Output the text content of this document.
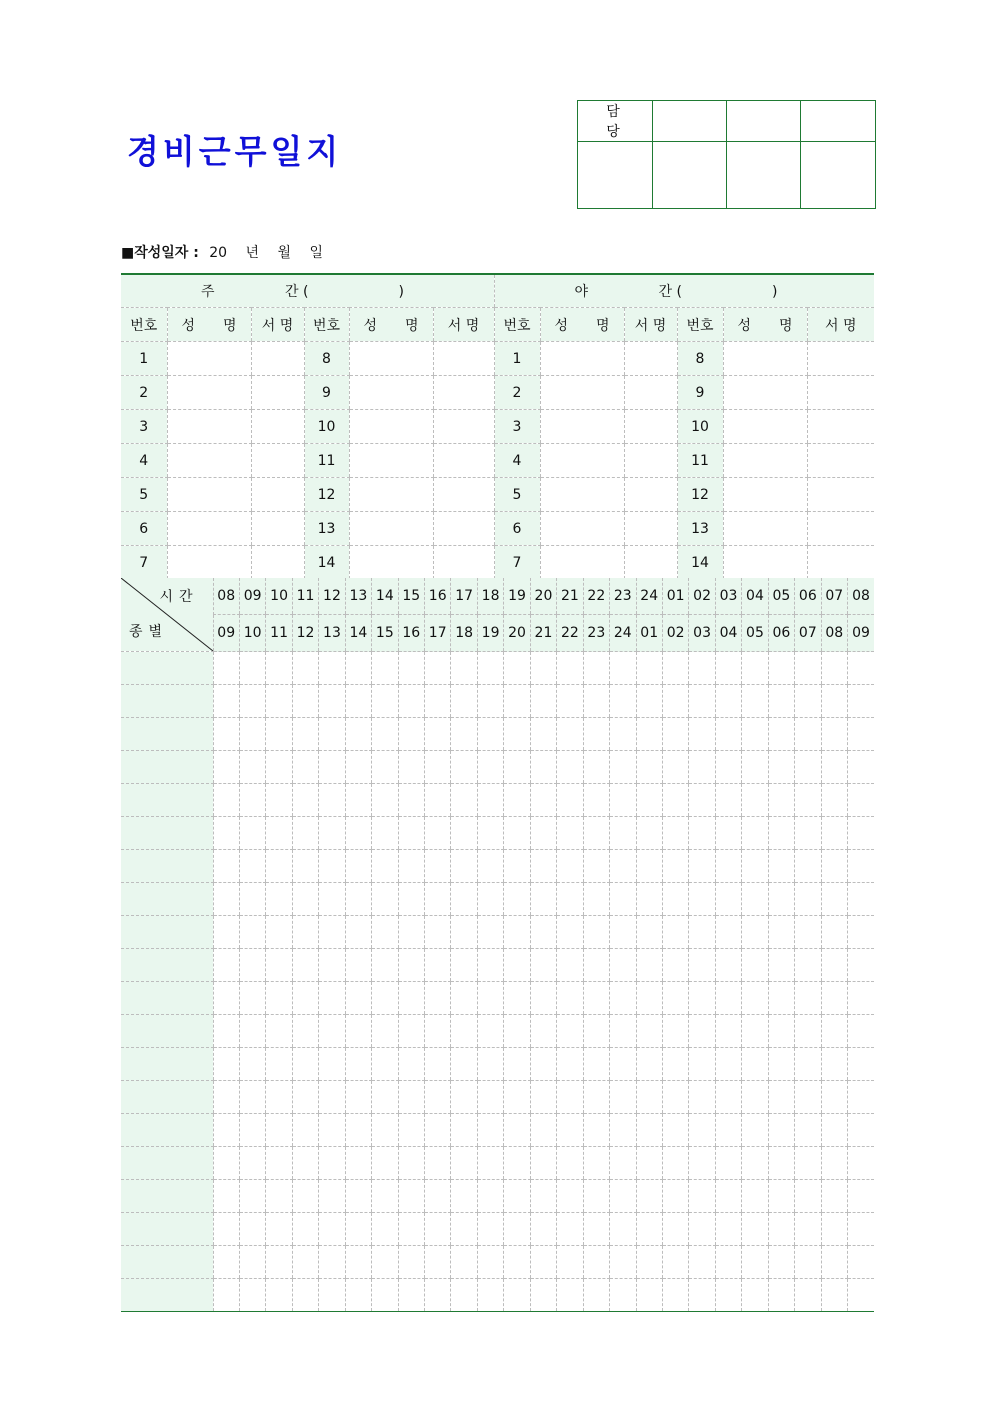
경비근무일지
담 당			

■작성일자 : 20 년 월 일
주 간 ( )						야 간 ( )					
번호	성　　명	서 명	번호	성　　명	서 명	번호	성　　명	서 명	번호	성　　명	서 명
1			8			1			8		
2			9			2			9		
3			10			3			10		
4			11			4			11		
5			12			5			12		
6			13			6			13		
7			14			7			14		
시간
종별	08	09	10	11	12	13	14	15	16	17	18	19	20	21	22	23	24	01	02	03	04	05	06	07	08
	09	10	11	12	13	14	15	16	17	18	19	20	21	22	23	24	01	02	03	04	05	06	07	08	09
